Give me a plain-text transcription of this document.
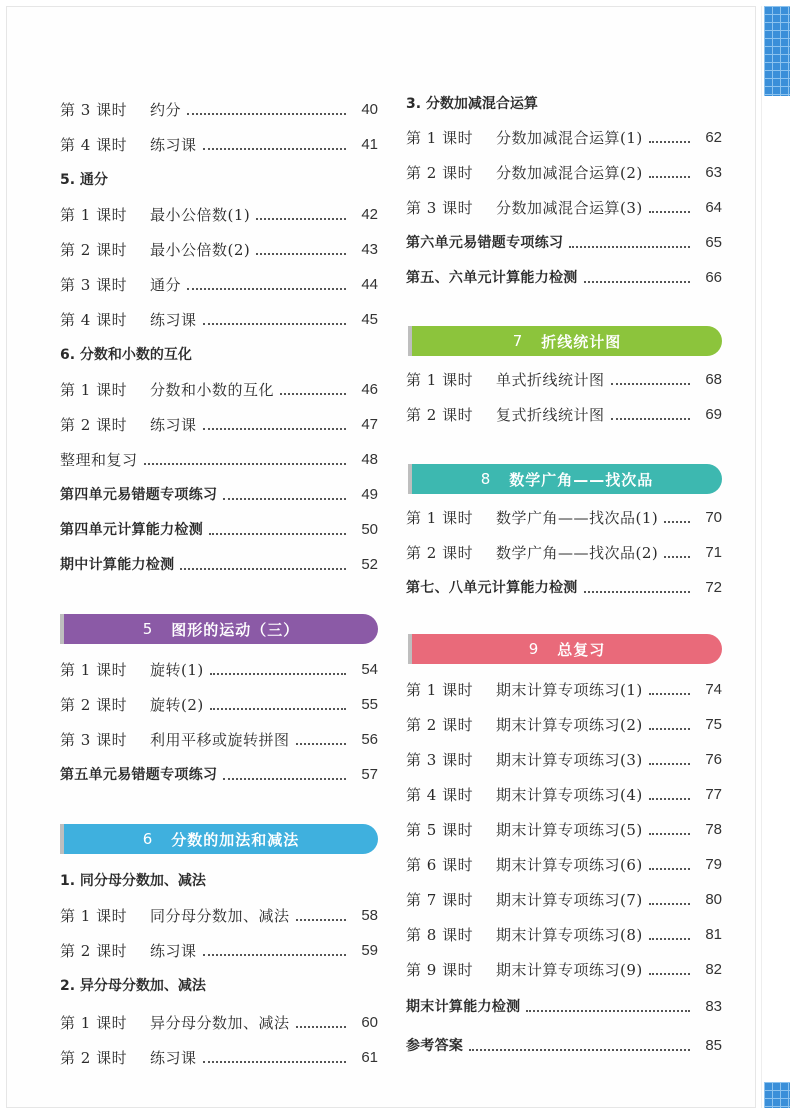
第 3 课时	约分	40
第 4 课时	练习课	41
5. 通分
第 1 课时	最小公倍数(1)	42
第 2 课时	最小公倍数(2)	43
第 3 课时	通分	44
第 4 课时	练习课	45
6. 分数和小数的互化
第 1 课时	分数和小数的互化	46
第 2 课时	练习课	47
整理和复习	48
第四单元易错题专项练习	49
第四单元计算能力检测	50
期中计算能力检测	52
5 图形的运动（三）
第 1 课时	旋转(1)	54
第 2 课时	旋转(2)	55
第 3 课时	利用平移或旋转拼图	56
第五单元易错题专项练习	57
6 分数的加法和减法
1. 同分母分数加、减法
第 1 课时	同分母分数加、减法	58
第 2 课时	练习课	59
2. 异分母分数加、减法
第 1 课时	异分母分数加、减法	60
第 2 课时	练习课	61
3. 分数加减混合运算
第 1 课时	分数加减混合运算(1)	62
第 2 课时	分数加减混合运算(2)	63
第 3 课时	分数加减混合运算(3)	64
第六单元易错题专项练习	65
第五、六单元计算能力检测	66
7 折线统计图
第 1 课时	单式折线统计图	68
第 2 课时	复式折线统计图	69
8 数学广角——找次品
第 1 课时	数学广角——找次品(1)	70
第 2 课时	数学广角——找次品(2)	71
第七、八单元计算能力检测	72
9 总复习
第 1 课时	期末计算专项练习(1)	74
第 2 课时	期末计算专项练习(2)	75
第 3 课时	期末计算专项练习(3)	76
第 4 课时	期末计算专项练习(4)	77
第 5 课时	期末计算专项练习(5)	78
第 6 课时	期末计算专项练习(6)	79
第 7 课时	期末计算专项练习(7)	80
第 8 课时	期末计算专项练习(8)	81
第 9 课时	期末计算专项练习(9)	82
期末计算能力检测	83
参考答案	85
